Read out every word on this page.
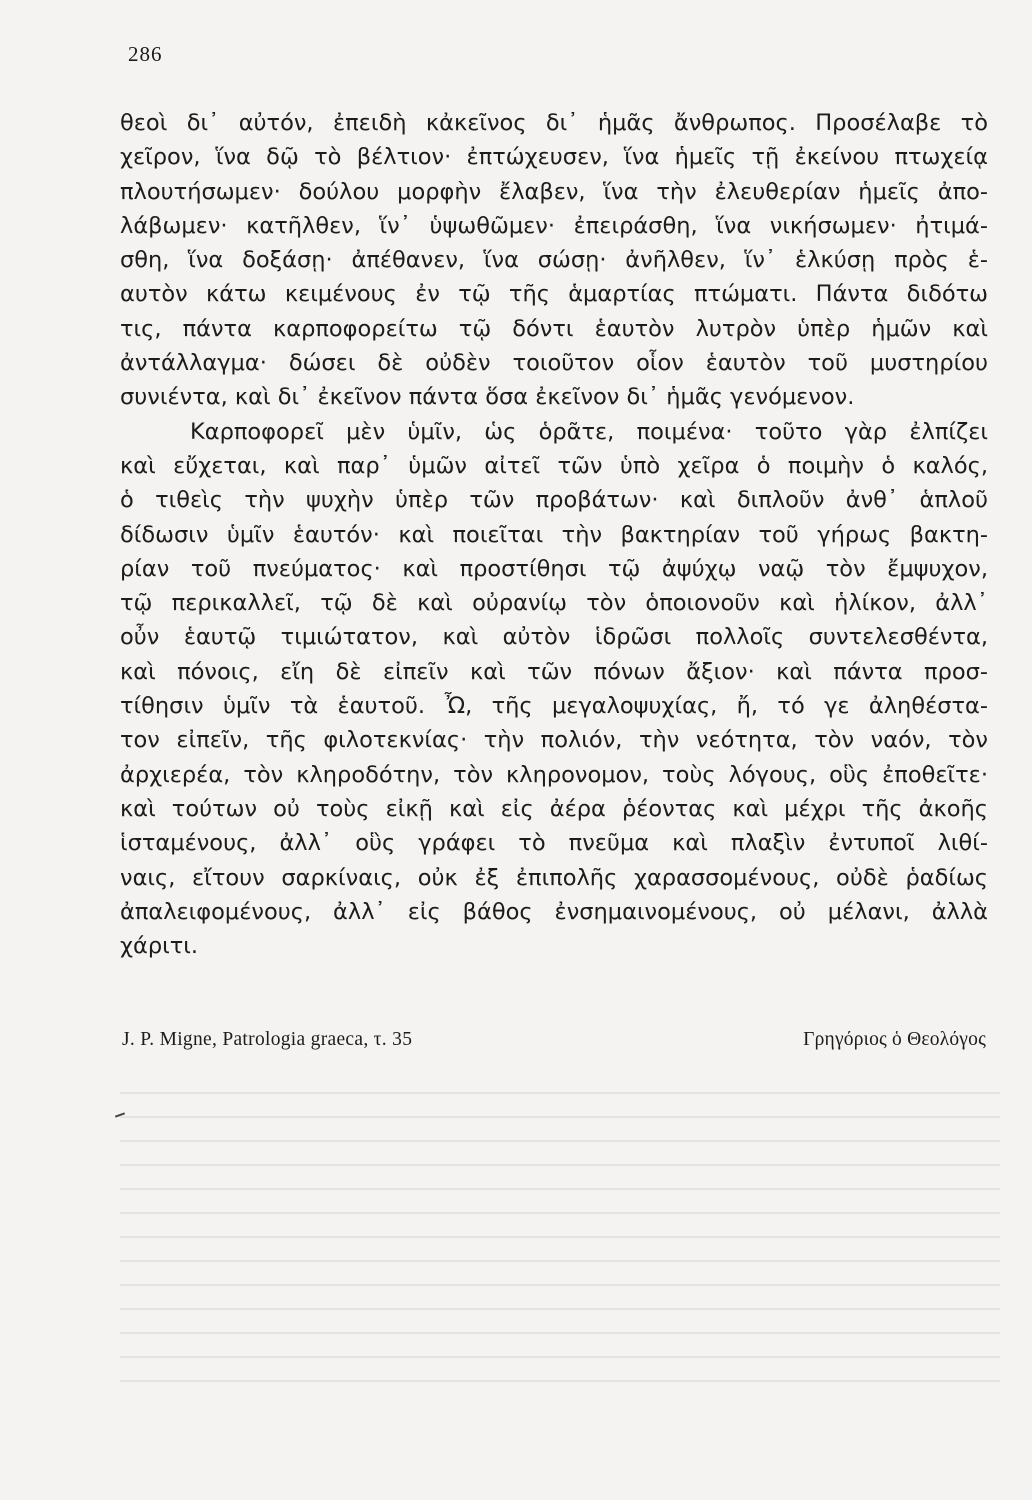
286
θεοὶ δι᾽ αὐτόν, ἐπειδὴ κἀκεῖνος δι᾽ ἡμᾶς ἄνθρωπος. Προσέλαβε τὸ
χεῖρον, ἵνα δῷ τὸ βέλτιον· ἐπτώχευσεν, ἵνα ἡμεῖς τῇ ἐκείνου πτωχείᾳ
πλουτήσωμεν· δούλου μορφὴν ἔλαβεν, ἵνα τὴν ἐλευθερίαν ἡμεῖς ἀπο-
λάβωμεν· κατῆλθεν, ἵν᾽ ὑψωθῶμεν· ἐπειράσθη, ἵνα νικήσωμεν· ἠτιμά-
σθη, ἵνα δοξάσῃ· ἀπέθανεν, ἵνα σώσῃ· ἀνῆλθεν, ἵν᾽ ἑλκύσῃ πρὸς ἑ-
αυτὸν κάτω κειμένους ἐν τῷ τῆς ἁμαρτίας πτώματι. Πάντα διδότω
τις, πάντα καρποφορείτω τῷ δόντι ἑαυτὸν λυτρὸν ὑπὲρ ἡμῶν καὶ
ἀντάλλαγμα· δώσει δὲ οὐδὲν τοιοῦτον οἷον ἑαυτὸν τοῦ μυστηρίου
συνιέντα, καὶ δι᾽ ἐκεῖνον πάντα ὅσα ἐκεῖνον δι᾽ ἡμᾶς γενόμενον.
Καρποφορεῖ μὲν ὑμῖν, ὡς ὁρᾶτε, ποιμένα· τοῦτο γὰρ ἐλπίζει
καὶ εὔχεται, καὶ παρ᾽ ὑμῶν αἰτεῖ τῶν ὑπὸ χεῖρα ὁ ποιμὴν ὁ καλός,
ὁ τιθεὶς τὴν ψυχὴν ὑπὲρ τῶν προβάτων· καὶ διπλοῦν ἀνθ᾽ ἁπλοῦ
δίδωσιν ὑμῖν ἑαυτόν· καὶ ποιεῖται τὴν βακτηρίαν τοῦ γήρως βακτη-
ρίαν τοῦ πνεύματος· καὶ προστίθησι τῷ ἀψύχῳ ναῷ τὸν ἔμψυχον,
τῷ περικαλλεῖ, τῷ δὲ καὶ οὐρανίῳ τὸν ὁποιονοῦν καὶ ἡλίκον, ἀλλ᾽
οὖν ἑαυτῷ τιμιώτατον, καὶ αὐτὸν ἱδρῶσι πολλοῖς συντελεσθέντα,
καὶ πόνοις, εἴη δὲ εἰπεῖν καὶ τῶν πόνων ἄξιον· καὶ πάντα προσ-
τίθησιν ὑμῖν τὰ ἑαυτοῦ. Ὦ, τῆς μεγαλοψυχίας, ἤ, τό γε ἀληθέστα-
τον εἰπεῖν, τῆς φιλοτεκνίας· τὴν πολιόν, τὴν νεότητα, τὸν ναόν, τὸν
ἀρχιερέα, τὸν κληροδότην, τὸν κληρονομον, τοὺς λόγους, οὓς ἐποθεῖτε·
καὶ τούτων οὐ τοὺς εἰκῇ καὶ εἰς ἀέρα ῥέοντας καὶ μέχρι τῆς ἀκοῆς
ἱσταμένους, ἀλλ᾽ οὓς γράφει τὸ πνεῦμα καὶ πλαξὶν ἐντυποῖ λιθί-
ναις, εἴτουν σαρκίναις, οὐκ ἐξ ἐπιπολῆς χαρασσομένους, οὐδὲ ῥαδίως
ἀπαλειφομένους, ἀλλ᾽ εἰς βάθος ἐνσημαινομένους, οὐ μέλανι, ἀλλὰ
χάριτι.
J. P. Migne, Patrologia graeca, τ. 35	Γρηγόριος ὁ Θεολόγος
